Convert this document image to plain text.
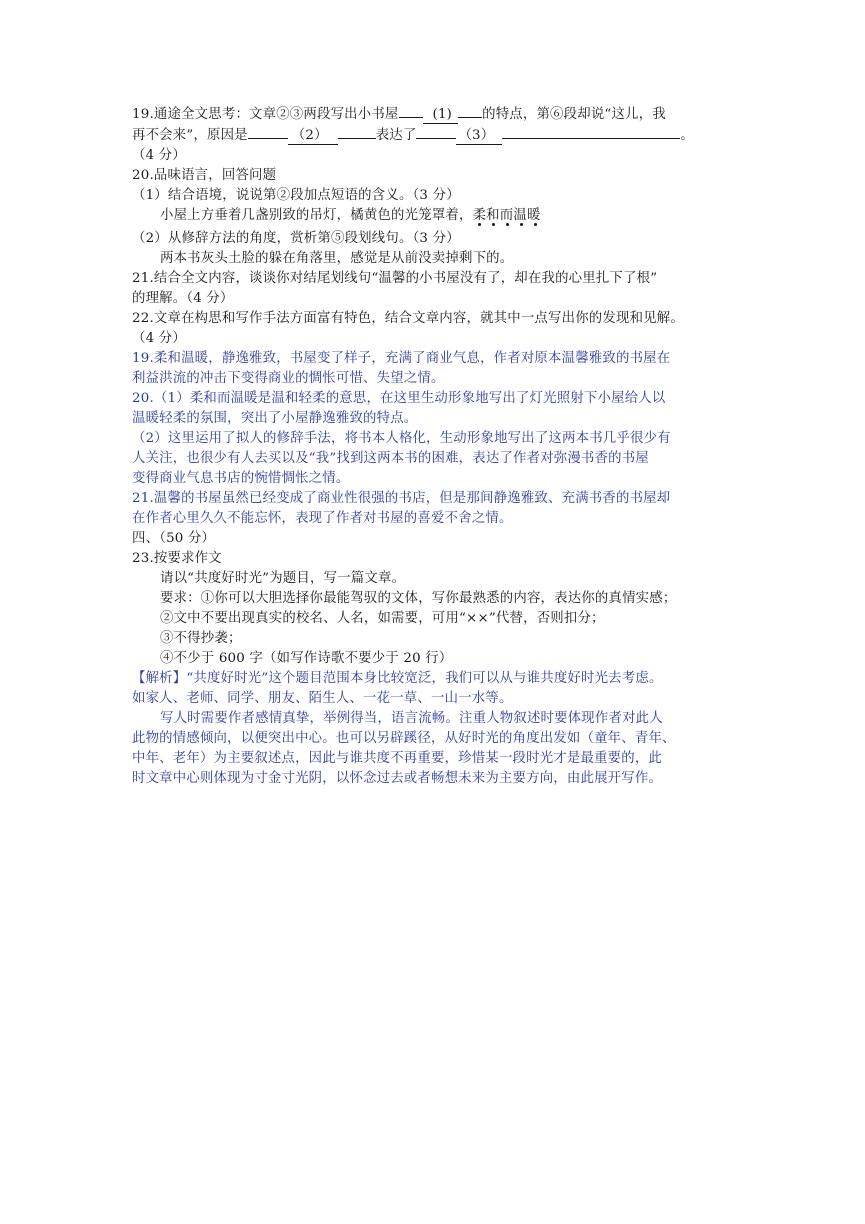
19.通途全文思考：文章②③两段写出小书屋	(1) 的特点，第⑥段却说“这儿，我
再不会来”，原因是	（2）	表达了	（3）	。
（4 分）
20.品味语言，回答问题
（1）结合语境，说说第②段加点短语的含义。（3 分）
小屋上方垂着几盏别致的吊灯，橘黄色的光笼罩着，柔和而温暖
（2）从修辞方法的角度，赏析第⑤段划线句。（3 分）
两本书灰头土脸的躲在角落里，感觉是从前没卖掉剩下的。
21.结合全文内容，谈谈你对结尾划线句“温馨的小书屋没有了，却在我的心里扎下了根”
的理解。（4 分）
22.文章在构思和写作手法方面富有特色，结合文章内容，就其中一点写出你的发现和见解。
（4 分）
19.柔和温暖，静逸雅致，书屋变了样子，充满了商业气息，作者对原本温馨雅致的书屋在
利益洪流的冲击下变得商业的惆怅可惜、失望之情。
20.（1）柔和而温暖是温和轻柔的意思，在这里生动形象地写出了灯光照射下小屋给人以
温暖轻柔的氛围，突出了小屋静逸雅致的特点。
（2）这里运用了拟人的修辞手法，将书本人格化，生动形象地写出了这两本书几乎很少有
人关注，也很少有人去买以及“我”找到这两本书的困难，表达了作者对弥漫书香的书屋
变得商业气息书店的惋惜惆怅之情。
21.温馨的书屋虽然已经变成了商业性很强的书店，但是那间静逸雅致、充满书香的书屋却
在作者心里久久不能忘怀，表现了作者对书屋的喜爱不舍之情。
四、（50 分）
23.按要求作文
请以“共度好时光”为题目，写一篇文章。
要求：①你可以大胆选择你最能驾驭的文体，写你最熟悉的内容，表达你的真情实感；
②文中不要出现真实的校名、人名，如需要，可用“××”代替，否则扣分；
③不得抄袭；
④不少于 600 字（如写作诗歌不要少于 20 行）
【解析】“共度好时光”这个题目范围本身比较宽泛，我们可以从与谁共度好时光去考虑。
如家人、老师、同学、朋友、陌生人、一花一草、一山一水等。
写人时需要作者感情真挚，举例得当，语言流畅。注重人物叙述时要体现作者对此人
此物的情感倾向，以便突出中心。也可以另辟蹊径，从好时光的角度出发如（童年、青年、
中年、老年）为主要叙述点，因此与谁共度不再重要，珍惜某一段时光才是最重要的，此
时文章中心则体现为寸金寸光阴，以怀念过去或者畅想未来为主要方向，由此展开写作。
